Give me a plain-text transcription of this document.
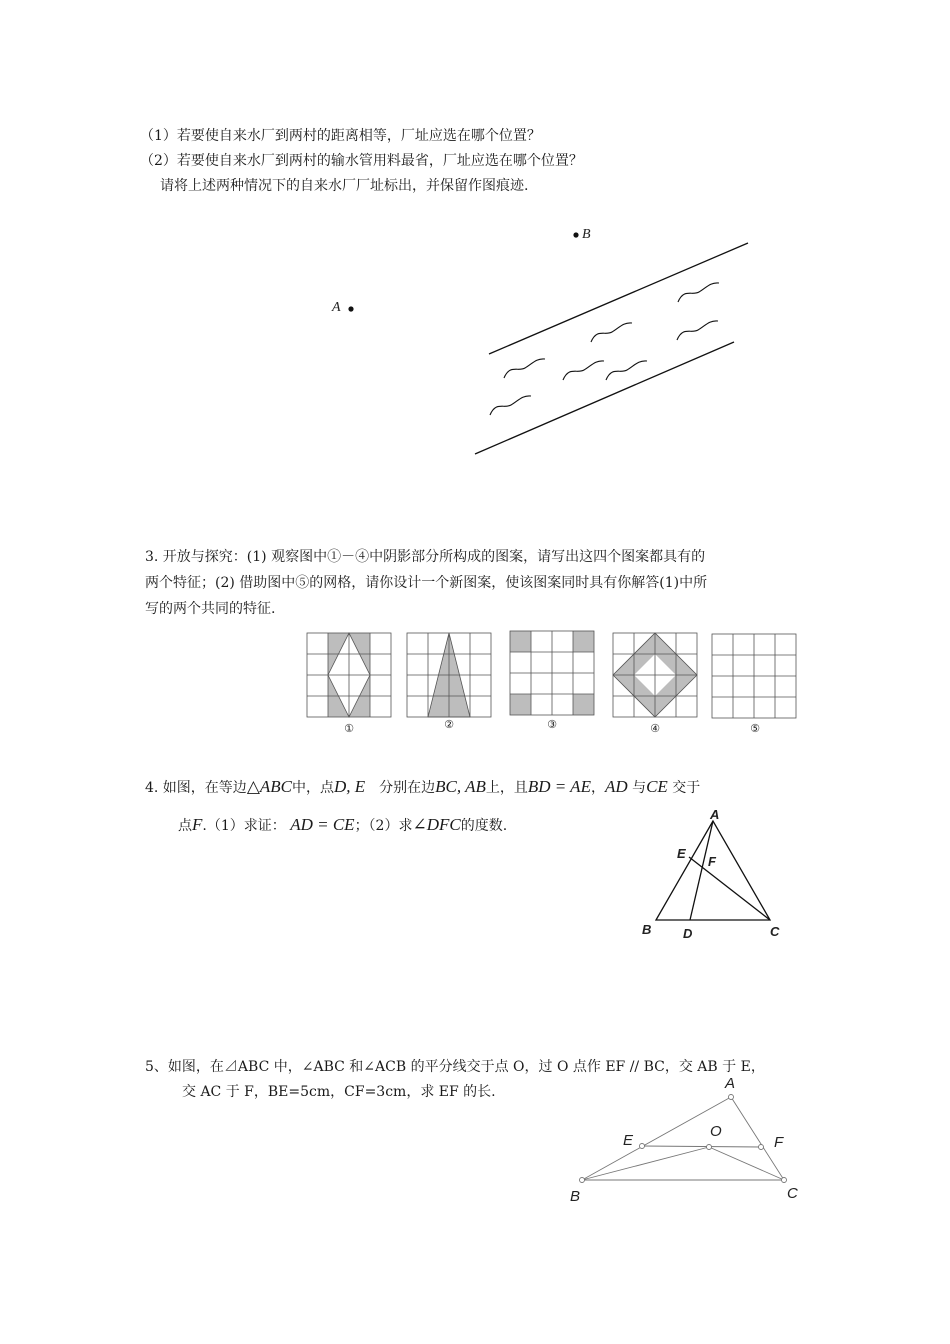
（1）若要使自来水厂到两村的距离相等，厂址应选在哪个位置？
（2）若要使自来水厂到两村的输水管用料最省，厂址应选在哪个位置？
请将上述两种情况下的自来水厂厂址标出，并保留作图痕迹.
B
A
3. 开放与探究：(1) 观察图中①－④中阴影部分所构成的图案，请写出这四个图案都具有的
两个特征；(2) 借助图中⑤的网格，请你设计一个新图案，使该图案同时具有你解答(1)中所
写的两个共同的特征.
①	②	③	④	⑤
4. 如图，在等边△ABC中，点D, E  分别在边BC, AB上，且BD = AE，AD 与CE 交于
点F.（1）求证： AD = CE；（2）求∠DFC的度数.
A
E
F
B D	C
5、如图，在⊿ABC 中，∠ABC 和∠ACB 的平分线交于点 O，过 O 点作 EF // BC，交 AB 于 E，
交 AC 于 F，BE=5cm，CF=3cm，求 EF 的长.	A
E
O
F
B	C
